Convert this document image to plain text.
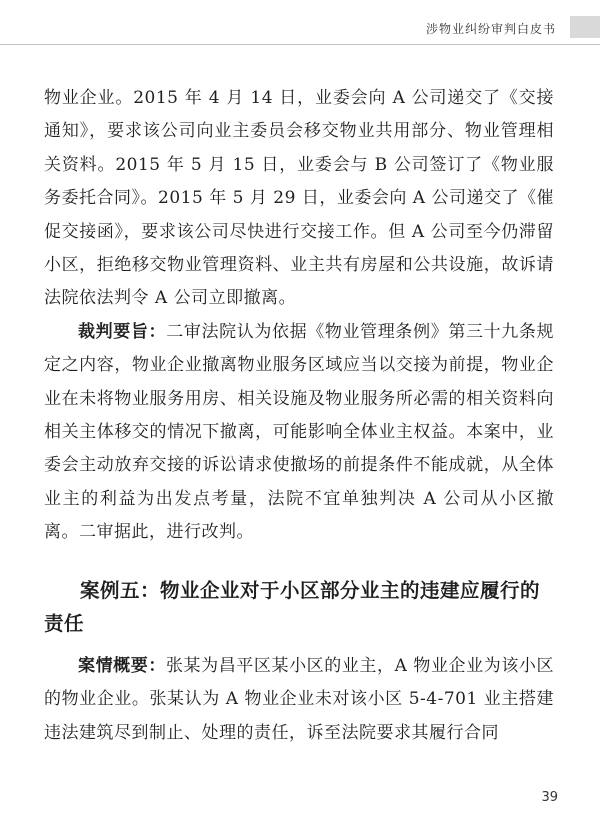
涉物业纠纷审判白皮书

物业企业。2015 年 4 月 14 日，业委会向 A 公司递交了《交接通知》，要求该公司向业主委员会移交物业共用部分、物业管理相关资料。2015 年 5 月 15 日，业委会与 B 公司签订了《物业服务委托合同》。2015 年 5 月 29 日，业委会向 A 公司递交了《催促交接函》，要求该公司尽快进行交接工作。但 A 公司至今仍滞留小区，拒绝移交物业管理资料、业主共有房屋和公共设施，故诉请法院依法判令 A 公司立即撤离。

裁判要旨：二审法院认为依据《物业管理条例》第三十九条规定之内容，物业企业撤离物业服务区域应当以交接为前提，物业企业在未将物业服务用房、相关设施及物业服务所必需的相关资料向相关主体移交的情况下撤离，可能影响全体业主权益。本案中，业委会主动放弃交接的诉讼请求使撤场的前提条件不能成就，从全体业主的利益为出发点考量，法院不宜单独判决 A 公司从小区撤离。二审据此，进行改判。

案例五：物业企业对于小区部分业主的违建应履行的责任

案情概要：张某为昌平区某小区的业主，A 物业企业为该小区的物业企业。张某认为 A 物业企业未对该小区 5-4-701 业主搭建违法建筑尽到制止、处理的责任，诉至法院要求其履行合同

39
